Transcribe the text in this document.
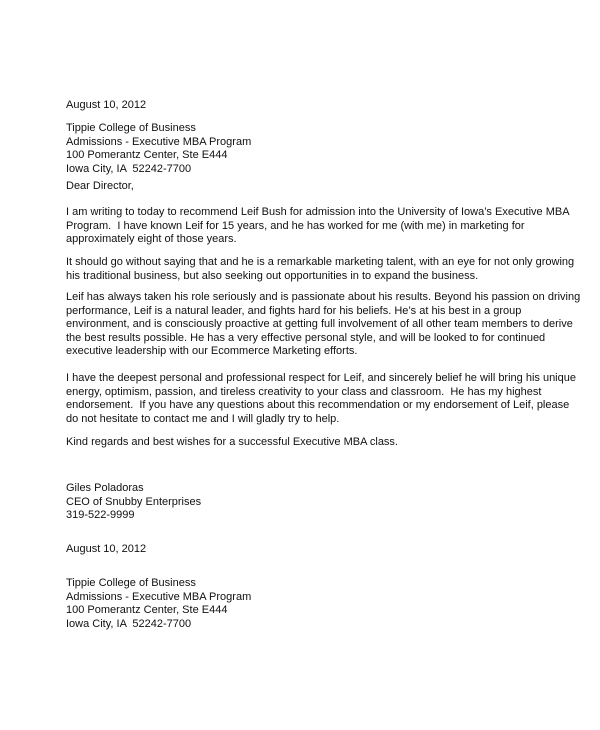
August 10, 2012
Tippie College of Business
Admissions - Executive MBA Program
100 Pomerantz Center, Ste E444
Iowa City, IA  52242-7700
Dear Director,
I am writing to today to recommend Leif Bush for admission into the University of Iowa’s Executive MBA
Program.  I have known Leif for 15 years, and he has worked for me (with me) in marketing for
approximately eight of those years.
It should go without saying that and he is a remarkable marketing talent, with an eye for not only growing
his traditional business, but also seeking out opportunities in to expand the business.
Leif has always taken his role seriously and is passionate about his results. Beyond his passion on driving
performance, Leif is a natural leader, and fights hard for his beliefs. He’s at his best in a group
environment, and is consciously proactive at getting full involvement of all other team members to derive
the best results possible. He has a very effective personal style, and will be looked to for continued
executive leadership with our Ecommerce Marketing efforts.
I have the deepest personal and professional respect for Leif, and sincerely belief he will bring his unique
energy, optimism, passion, and tireless creativity to your class and classroom.  He has my highest
endorsement.  If you have any questions about this recommendation or my endorsement of Leif, please
do not hesitate to contact me and I will gladly try to help.
Kind regards and best wishes for a successful Executive MBA class.
Giles Poladoras
CEO of Snubby Enterprises
319-522-9999
August 10, 2012
Tippie College of Business
Admissions - Executive MBA Program
100 Pomerantz Center, Ste E444
Iowa City, IA  52242-7700
